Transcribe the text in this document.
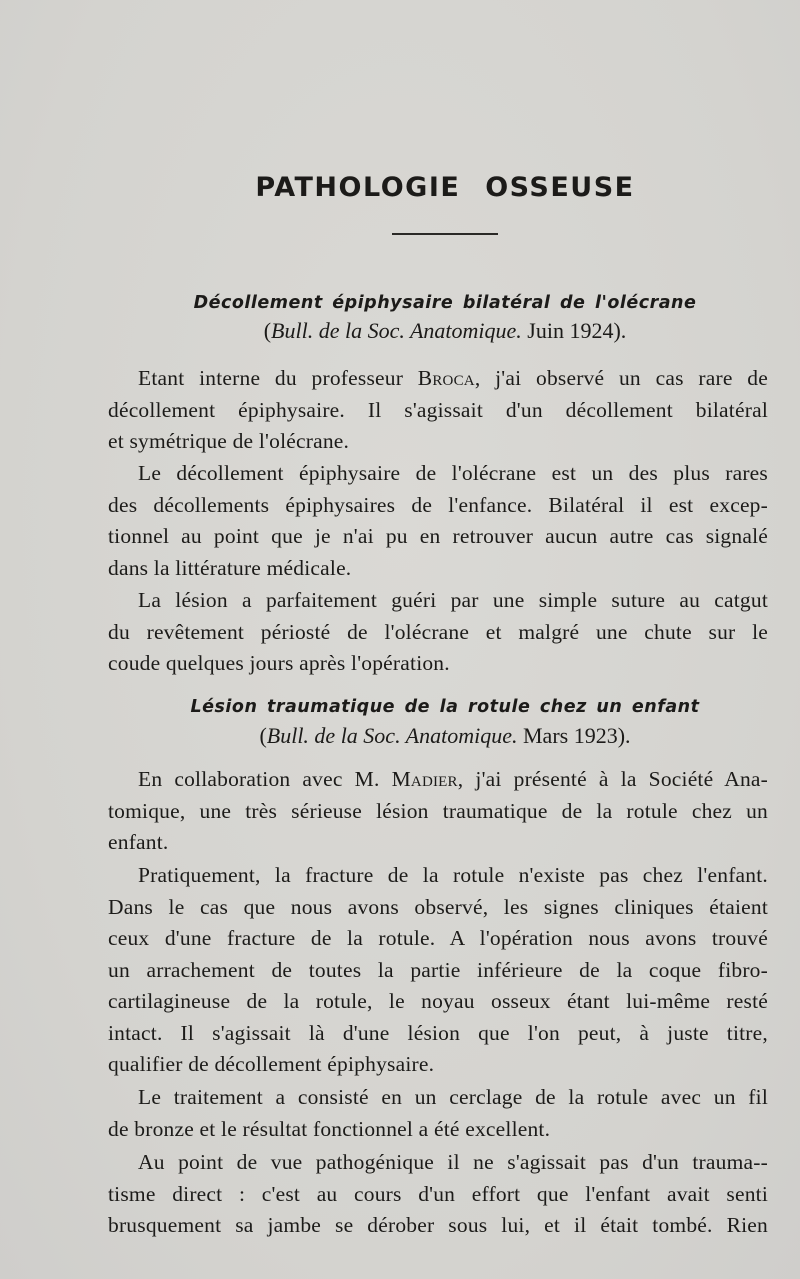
PATHOLOGIE OSSEUSE
Décollement épiphysaire bilatéral de l'olécrane

(Bull. de la Soc. Anatomique. Juin 1924).

Etant interne du professeur Broca, j'ai observé un cas rare de
décollement épiphysaire. Il s'agissait d'un décollement bilatéral
et symétrique de l'olécrane.
Le décollement épiphysaire de l'olécrane est un des plus rares
des décollements épiphysaires de l'enfance. Bilatéral il est excep-
tionnel au point que je n'ai pu en retrouver aucun autre cas signalé
dans la littérature médicale.
La lésion a parfaitement guéri par une simple suture au catgut
du revêtement périosté de l'olécrane et malgré une chute sur le
coude quelques jours après l'opération.
Lésion traumatique de la rotule chez un enfant

(Bull. de la Soc. Anatomique. Mars 1923).

En collaboration avec M. Madier, j'ai présenté à la Société Ana-
tomique, une très sérieuse lésion traumatique de la rotule chez un
enfant.
Pratiquement, la fracture de la rotule n'existe pas chez l'enfant.
Dans le cas que nous avons observé, les signes cliniques étaient
ceux d'une fracture de la rotule. A l'opération nous avons trouvé
un arrachement de toutes la partie inférieure de la coque fibro-
cartilagineuse de la rotule, le noyau osseux étant lui-même resté
intact. Il s'agissait là d'une lésion que l'on peut, à juste titre,
qualifier de décollement épiphysaire.
Le traitement a consisté en un cerclage de la rotule avec un fil
de bronze et le résultat fonctionnel a été excellent.
Au point de vue pathogénique il ne s'agissait pas d'un trauma--
tisme direct : c'est au cours d'un effort que l'enfant avait senti
brusquement sa jambe se dérober sous lui, et il était tombé. Rien
